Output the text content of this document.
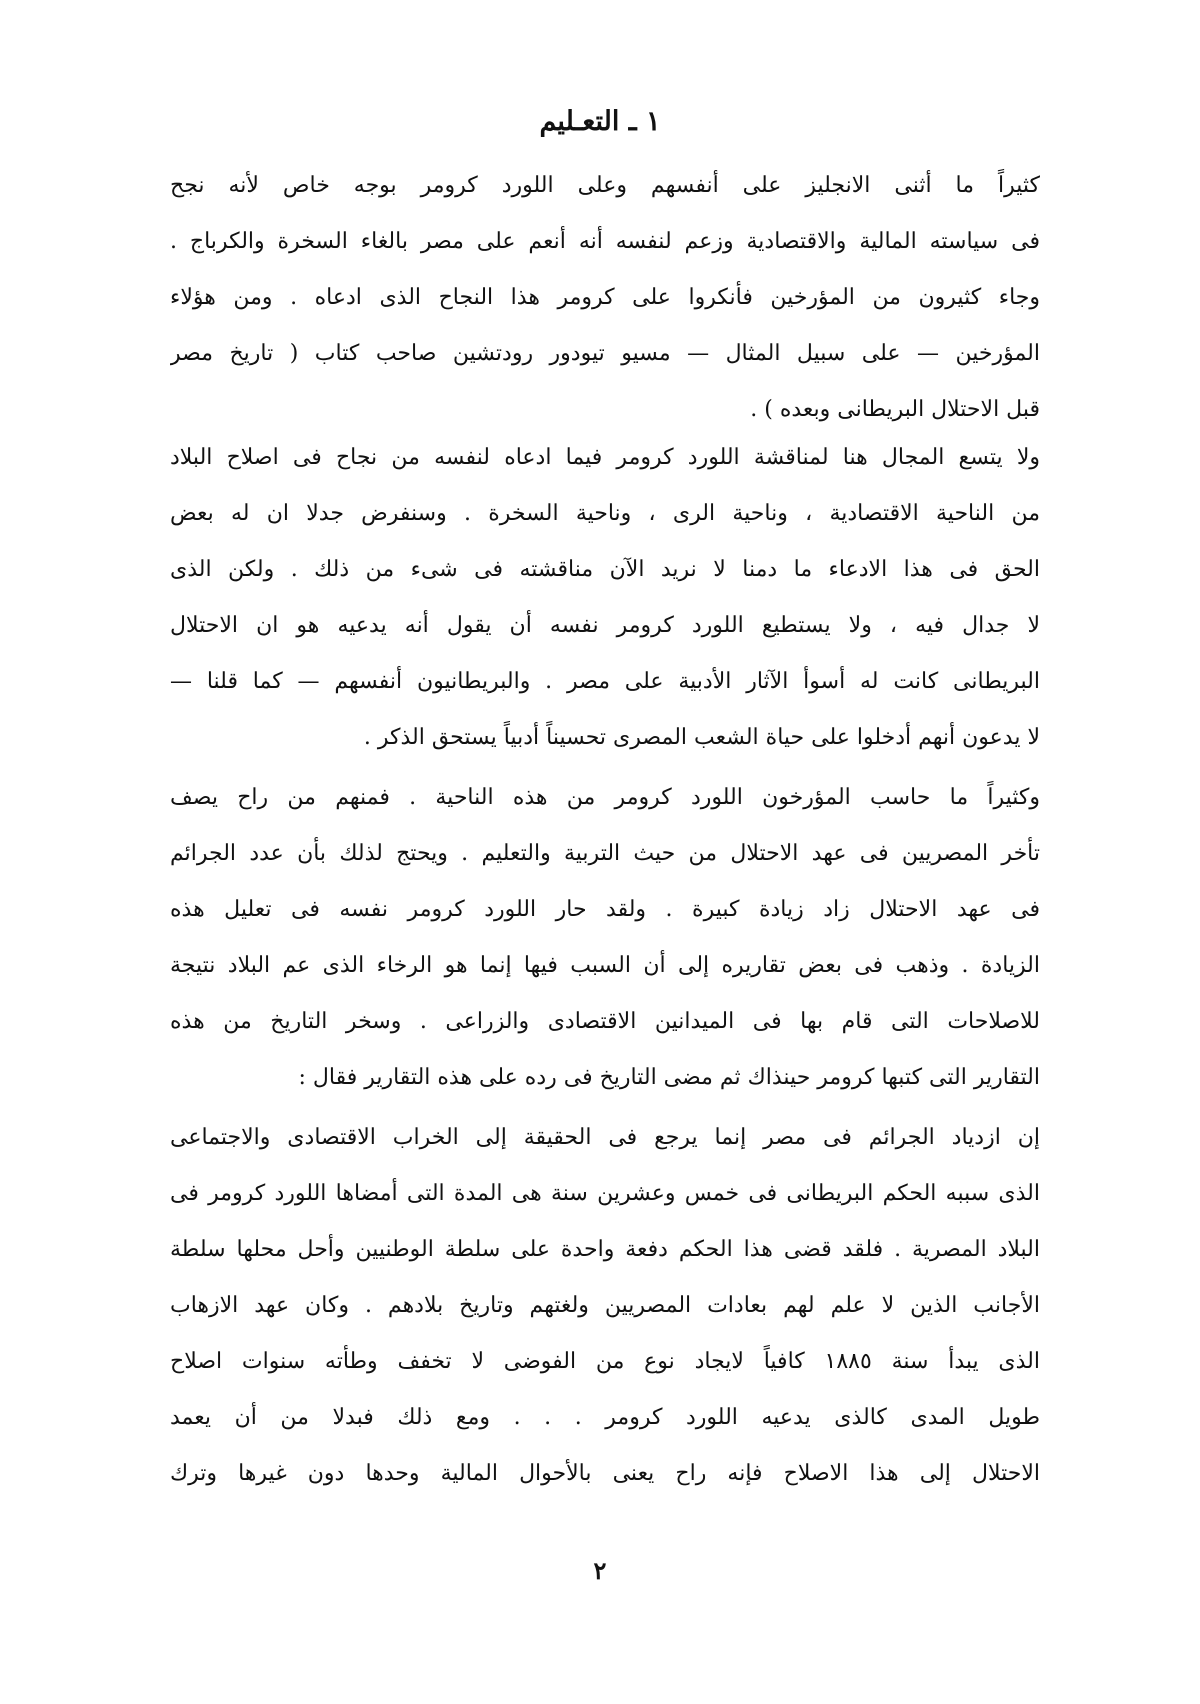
١ ـ التعـليم
كثيراً ما أثنى الانجليز على أنفسهم وعلى اللورد كرومر بوجه خاص لأنه نجح
فى سياسته المالية والاقتصادية وزعم لنفسه أنه أنعم على مصر بالغاء السخرة والكرباج .
وجاء كثيرون من المؤرخين فأنكروا على كرومر هذا النجاح الذى ادعاه . ومن هؤلاء
المؤرخين — على سبيل المثال — مسيو تيودور رودتشين صاحب كتاب ( تاريخ مصر
قبل الاحتلال البريطانى وبعده ) .
ولا يتسع المجال هنا لمناقشة اللورد كرومر فيما ادعاه لنفسه من نجاح فى اصلاح البلاد
من الناحية الاقتصادية ، وناحية الرى ، وناحية السخرة . وسنفرض جدلا ان له بعض
الحق فى هذا الادعاء ما دمنا لا نريد الآن مناقشته فى شىء من ذلك . ولكن الذى
لا جدال فيه ، ولا يستطيع اللورد كرومر نفسه أن يقول أنه يدعيه هو ان الاحتلال
البريطانى كانت له أسوأ الآثار الأدبية على مصر . والبريطانيون أنفسهم — كما قلنا —
لا يدعون أنهم أدخلوا على حياة الشعب المصرى تحسيناً أدبياً يستحق الذكر .
وكثيراً ما حاسب المؤرخون اللورد كرومر من هذه الناحية . فمنهم من راح يصف
تأخر المصريين فى عهد الاحتلال من حيث التربية والتعليم . ويحتج لذلك بأن عدد الجرائم
فى عهد الاحتلال زاد زيادة كبيرة . ولقد حار اللورد كرومر نفسه فى تعليل هذه
الزيادة . وذهب فى بعض تقاريره إلى أن السبب فيها إنما هو الرخاء الذى عم البلاد نتيجة
للاصلاحات التى قام بها فى الميدانين الاقتصادى والزراعى . وسخر التاريخ من هذه
التقارير التى كتبها كرومر حينذاك ثم مضى التاريخ فى رده على هذه التقارير فقال :
إن ازدياد الجرائم فى مصر إنما يرجع فى الحقيقة إلى الخراب الاقتصادى والاجتماعى
الذى سببه الحكم البريطانى فى خمس وعشرين سنة هى المدة التى أمضاها اللورد كرومر فى
البلاد المصرية . فلقد قضى هذا الحكم دفعة واحدة على سلطة الوطنيين وأحل محلها سلطة
الأجانب الذين لا علم لهم بعادات المصريين ولغتهم وتاريخ بلادهم . وكان عهد الازهاب
الذى يبدأ سنة ١٨٨٥ كافياً لايجاد نوع من الفوضى لا تخفف وطأته سنوات اصلاح
طويل المدى كالذى يدعيه اللورد كرومر . . . ومع ذلك فبدلا من أن يعمد
الاحتلال إلى هذا الاصلاح فإنه راح يعنى بالأحوال المالية وحدها دون غيرها وترك
٢
